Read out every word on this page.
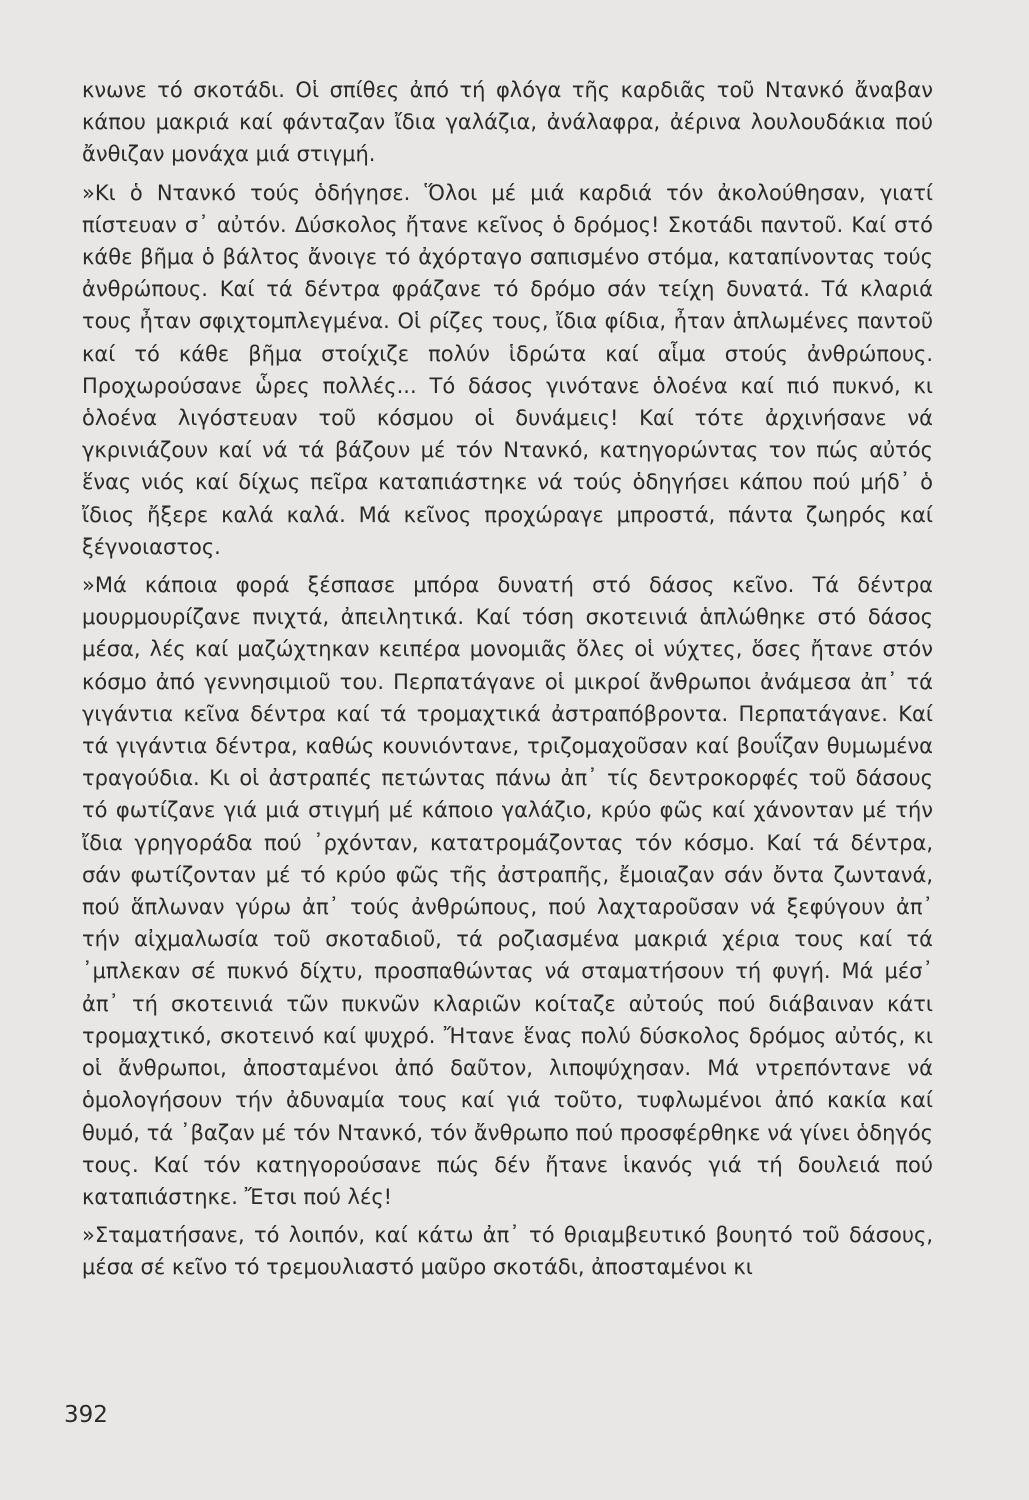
κνωνε τό σκοτάδι. Οἱ σπίθες ἀπό τή φλόγα τῆς καρδιᾶς τοῦ Ντανκό ἄναβαν κάπου μακριά καί φάνταζαν ἴδια γαλάζια, ἀνάλαφρα, ἀέρινα λουλουδάκια πού ἄνθιζαν μονάχα μιά στιγμή.

»Κι ὁ Ντανκό τούς ὁδήγησε. Ὅλοι μέ μιά καρδιά τόν ἀκολούθησαν, γιατί πίστευαν σ᾽ αὐτόν. Δύσκολος ἤτανε κεῖνος ὁ δρόμος! Σκοτάδι παντοῦ. Καί στό κάθε βῆμα ὁ βάλτος ἄνοιγε τό ἀχόρταγο σαπισμένο στόμα, καταπίνοντας τούς ἀνθρώπους. Καί τά δέντρα φράζανε τό δρόμο σάν τείχη δυνατά. Τά κλαριά τους ἦταν σφιχτομπλεγμένα. Οἱ ρίζες τους, ἴδια φίδια, ἦταν ἁπλωμένες παντοῦ καί τό κάθε βῆμα στοίχιζε πολύν ἱδρώτα καί αἷμα στούς ἀνθρώπους. Προχωρούσανε ὧρες πολλές... Τό δάσος γινότανε ὁλοένα καί πιό πυκνό, κι ὁλοένα λιγόστευαν τοῦ κόσμου οἱ δυνάμεις! Καί τότε ἀρχινήσανε νά γκρινιάζουν καί νά τά βάζουν μέ τόν Ντανκό, κατηγορώντας τον πώς αὐτός ἕνας νιός καί δίχως πεῖρα καταπιάστηκε νά τούς ὁδηγήσει κάπου πού μήδ᾽ ὁ ἴδιος ἤξερε καλά καλά. Μά κεῖνος προχώραγε μπροστά, πάντα ζωηρός καί ξέγνοιαστος.

»Μά κάποια φορά ξέσπασε μπόρα δυνατή στό δάσος κεῖνο. Τά δέντρα μουρμουρίζανε πνιχτά, ἀπειλητικά. Καί τόση σκοτεινιά ἁπλώθηκε στό δάσος μέσα, λές καί μαζώχτηκαν κειπέρα μονομιᾶς ὅλες οἱ νύχτες, ὅσες ἤτανε στόν κόσμο ἀπό γεννησιμιοῦ του. Περπατάγανε οἱ μικροί ἄνθρωποι ἀνάμεσα ἀπ᾽ τά γιγάντια κεῖνα δέντρα καί τά τρομαχτικά ἀστραπόβροντα. Περπατάγανε. Καί τά γιγάντια δέντρα, καθώς κουνιόντανε, τριζομαχοῦσαν καί βουΐζαν θυμωμένα τραγούδια. Κι οἱ ἀστραπές πετώντας πάνω ἀπ᾽ τίς δεντροκορφές τοῦ δάσους τό φωτίζανε γιά μιά στιγμή μέ κάποιο γαλάζιο, κρύο φῶς καί χάνονταν μέ τήν ἴδια γρηγοράδα πού ᾽ρχόνταν, κατατρομάζοντας τόν κόσμο. Καί τά δέντρα, σάν φωτίζονταν μέ τό κρύο φῶς τῆς ἀστραπῆς, ἔμοιαζαν σάν ὄντα ζωντανά, πού ἅπλωναν γύρω ἀπ᾽ τούς ἀνθρώπους, πού λαχταροῦσαν νά ξεφύγουν ἀπ᾽ τήν αἰχμαλωσία τοῦ σκοταδιοῦ, τά ροζιασμένα μακριά χέρια τους καί τά ᾽μπλεκαν σέ πυκνό δίχτυ, προσπαθώντας νά σταματήσουν τή φυγή. Μά μέσ᾽ ἀπ᾽ τή σκοτεινιά τῶν πυκνῶν κλαριῶν κοίταζε αὐτούς πού διάβαιναν κάτι τρομαχτικό, σκοτεινό καί ψυχρό. Ἤτανε ἕνας πολύ δύσκολος δρόμος αὐτός, κι οἱ ἄνθρωποι, ἀποσταμένοι ἀπό δαῦτον, λιποψύχησαν. Μά ντρεπόντανε νά ὁμολογήσουν τήν ἀδυναμία τους καί γιά τοῦτο, τυφλωμένοι ἀπό κακία καί θυμό, τά ᾽βαζαν μέ τόν Ντανκό, τόν ἄνθρωπο πού προσφέρθηκε νά γίνει ὁδηγός τους. Καί τόν κατηγορούσανε πώς δέν ἤτανε ἱκανός γιά τή δουλειά πού καταπιάστηκε. Ἔτσι πού λές!

»Σταματήσανε, τό λοιπόν, καί κάτω ἀπ᾽ τό θριαμβευτικό βουητό τοῦ δάσους, μέσα σέ κεῖνο τό τρεμουλιαστό μαῦρο σκοτάδι, ἀποσταμένοι κι

392
